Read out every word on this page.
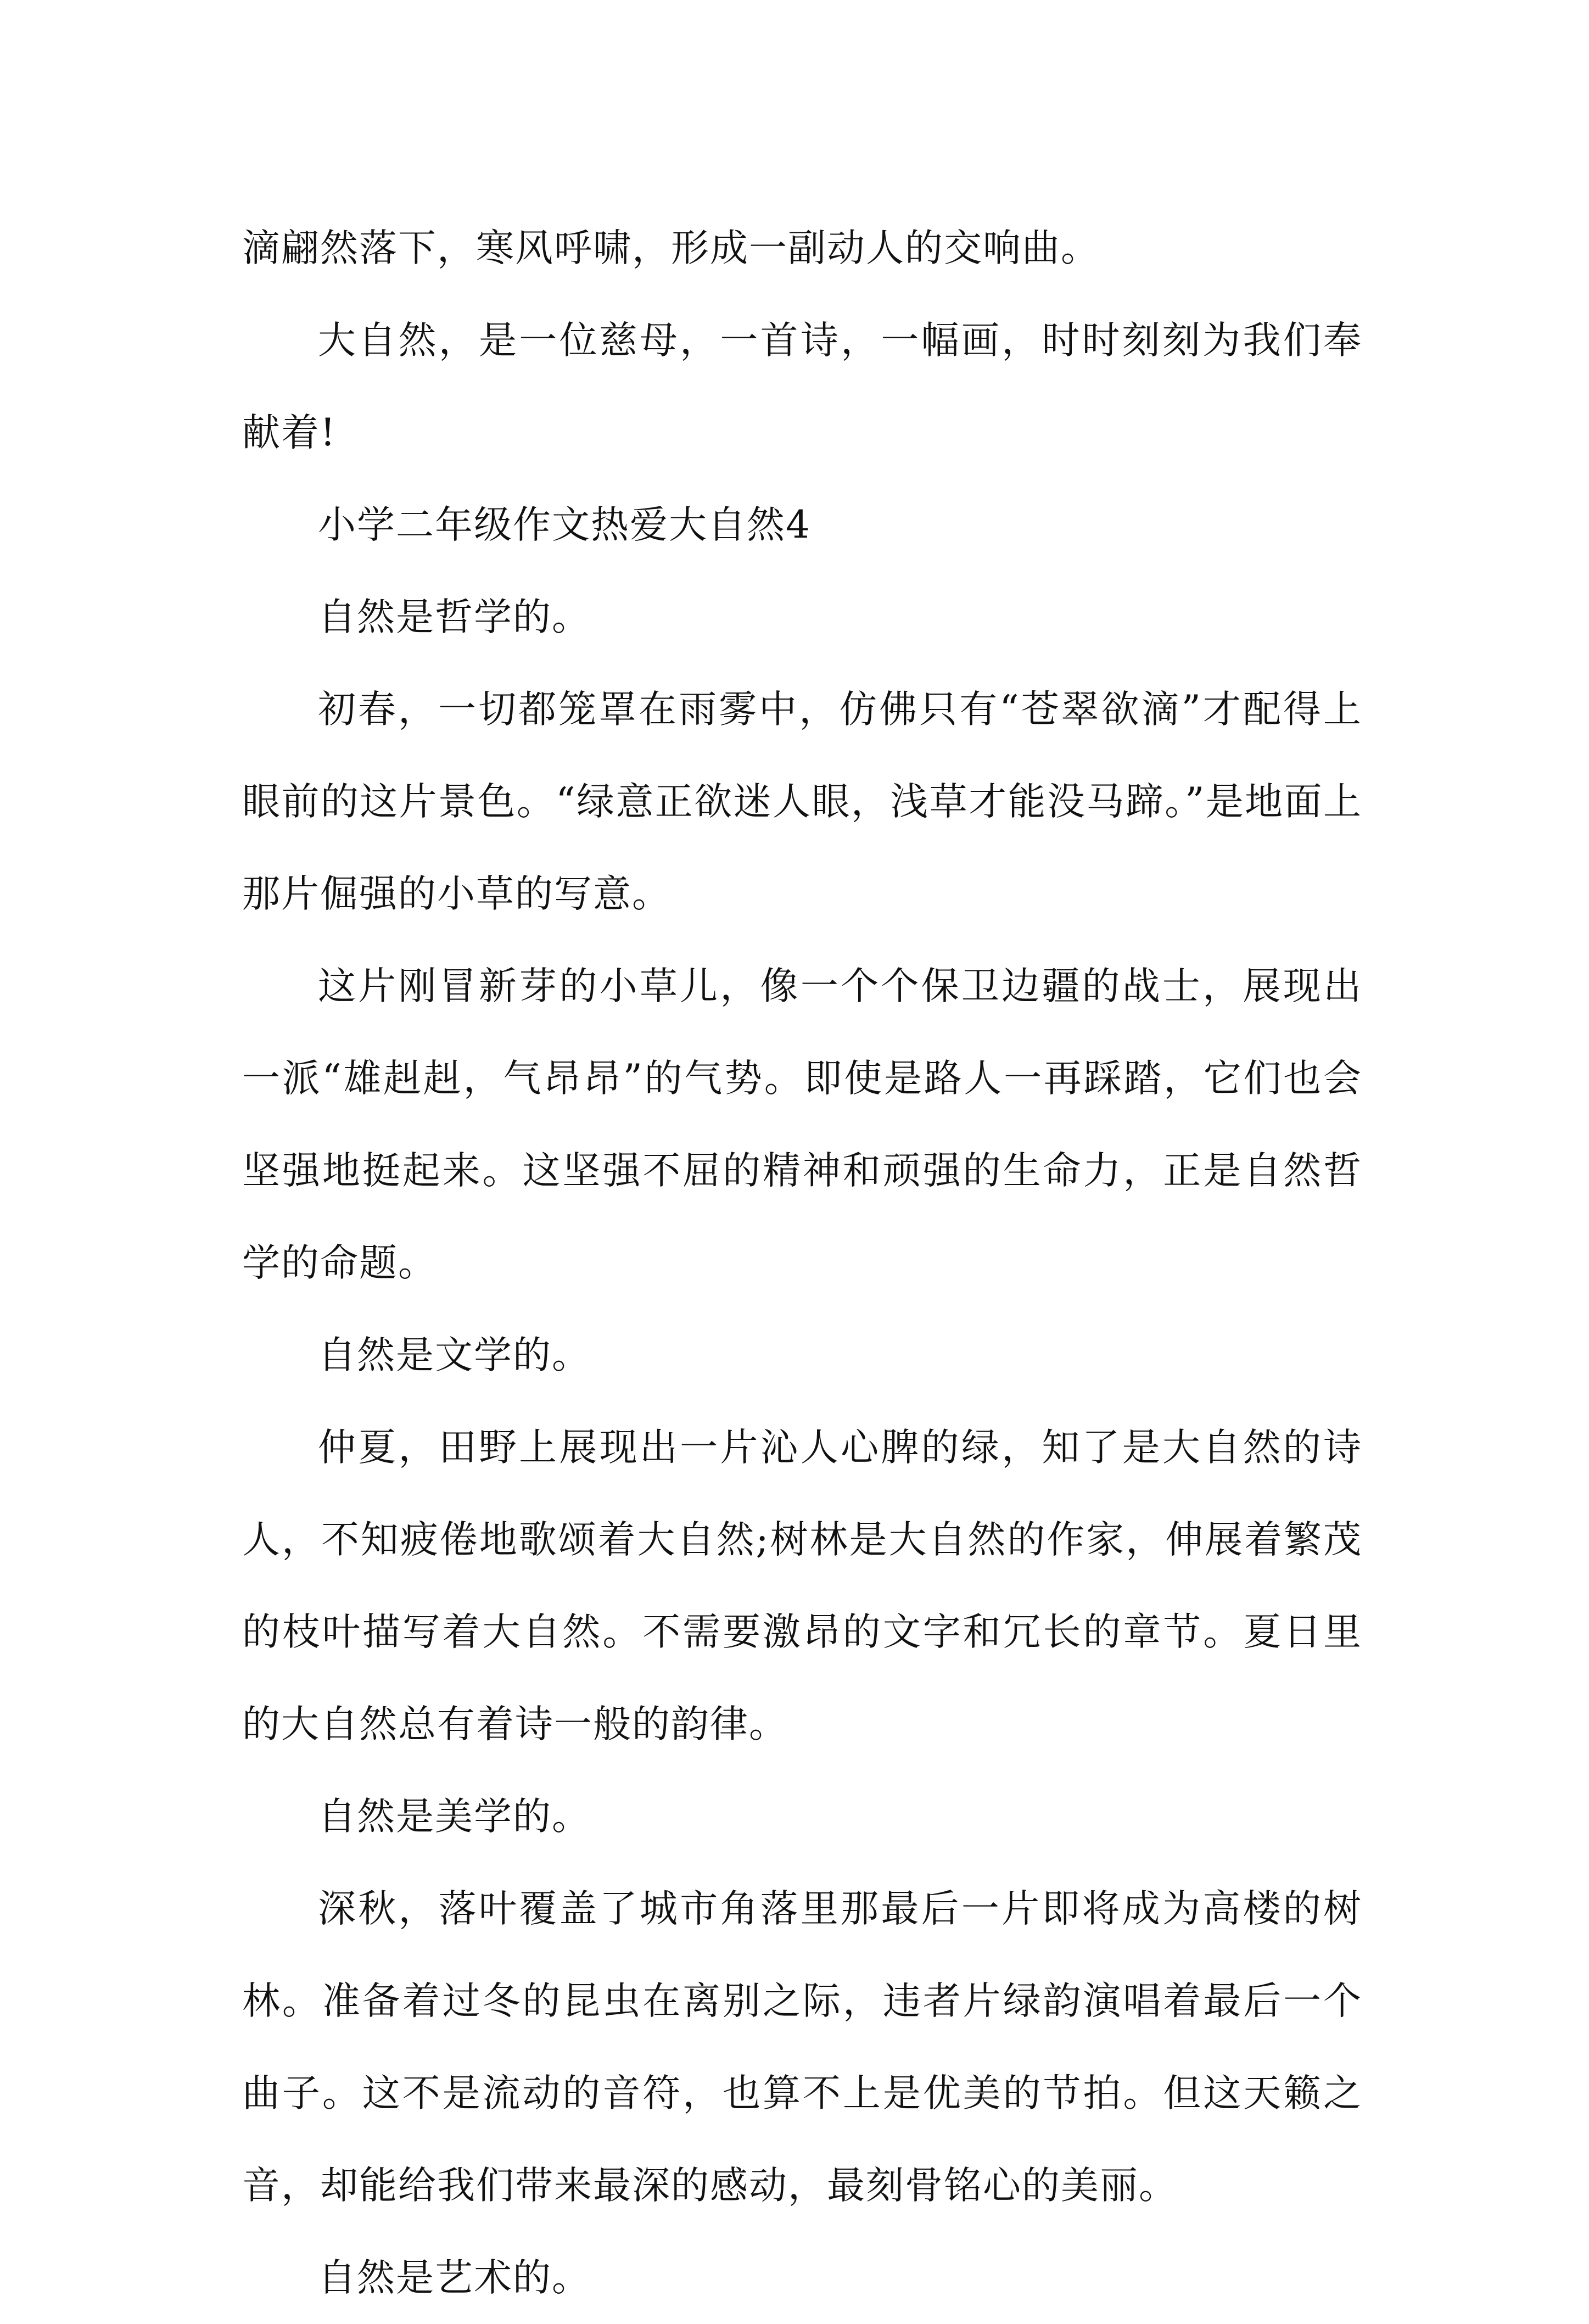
滴翩然落下，寒风呼啸，形成一副动人的交响曲。

大自然，是一位慈母，一首诗，一幅画，时时刻刻为我们奉献着!

小学二年级作文热爱大自然4

自然是哲学的。

初春，一切都笼罩在雨雾中，仿佛只有“苍翠欲滴”才配得上眼前的这片景色。“绿意正欲迷人眼，浅草才能没马蹄。”是地面上那片倔强的小草的写意。

这片刚冒新芽的小草儿，像一个个保卫边疆的战士，展现出一派“雄赳赳，气昂昂”的气势。即使是路人一再踩踏，它们也会坚强地挺起来。这坚强不屈的精神和顽强的生命力，正是自然哲学的命题。

自然是文学的。

仲夏，田野上展现出一片沁人心脾的绿，知了是大自然的诗人，不知疲倦地歌颂着大自然;树林是大自然的作家，伸展着繁茂的枝叶描写着大自然。不需要激昂的文字和冗长的章节。夏日里的大自然总有着诗一般的韵律。

自然是美学的。

深秋，落叶覆盖了城市角落里那最后一片即将成为高楼的树林。准备着过冬的昆虫在离别之际，违者片绿韵演唱着最后一个曲子。这不是流动的音符，也算不上是优美的节拍。但这天籁之音，却能给我们带来最深的感动，最刻骨铭心的美丽。

自然是艺术的。
